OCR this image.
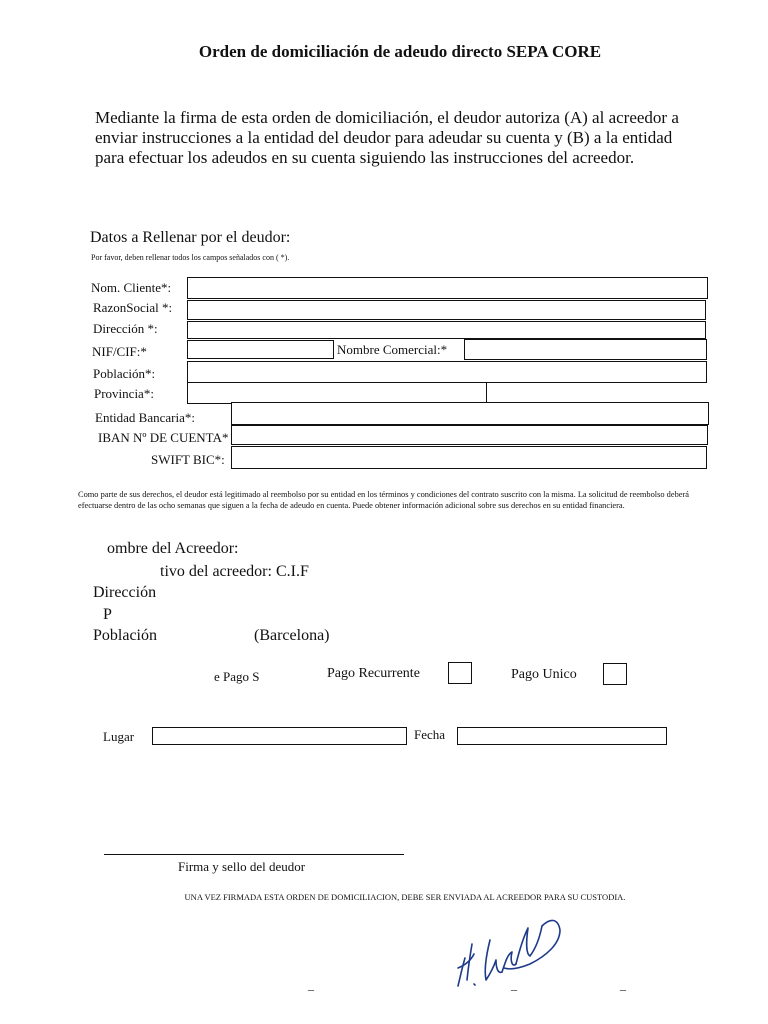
Orden de domiciliación de adeudo directo SEPA CORE
Mediante la firma de esta orden de domiciliación, el deudor autoriza (A) al acreedor a enviar instrucciones a la entidad del deudor para adeudar su cuenta y (B) a la entidad para efectuar los adeudos en su cuenta siguiendo las instrucciones del acreedor.
Datos a Rellenar por el deudor:
Por favor, deben rellenar todos los campos señalados con ( *).
Nom. Cliente*:
RazonSocial *:
Dirección *:
NIF/CIF:*	Nombre Comercial:*
Población*:
Provincia*:
Entidad Bancaria*:
IBAN Nº DE CUENTA*
SWIFT BIC*:
Como parte de sus derechos, el deudor está legitimado al reembolso por su entidad en los términos y condiciones del contrato suscrito con la misma. La solicitud de reembolso deberá efectuarse dentro de las ocho semanas que siguen a la fecha de adeudo en cuenta. Puede obtener información adicional sobre sus derechos en su entidad financiera.
ombre del Acreedor:
tivo del acreedor: C.I.F
Dirección
P
Población	(Barcelona)
e Pago S	Pago Recurrente	Pago Unico
Lugar	Fecha
Firma y sello del deudor
UNA VEZ FIRMADA ESTA ORDEN DE DOMICILIACION, DEBE SER ENVIADA AL ACREEDOR PARA SU CUSTODIA.
_	_	_
